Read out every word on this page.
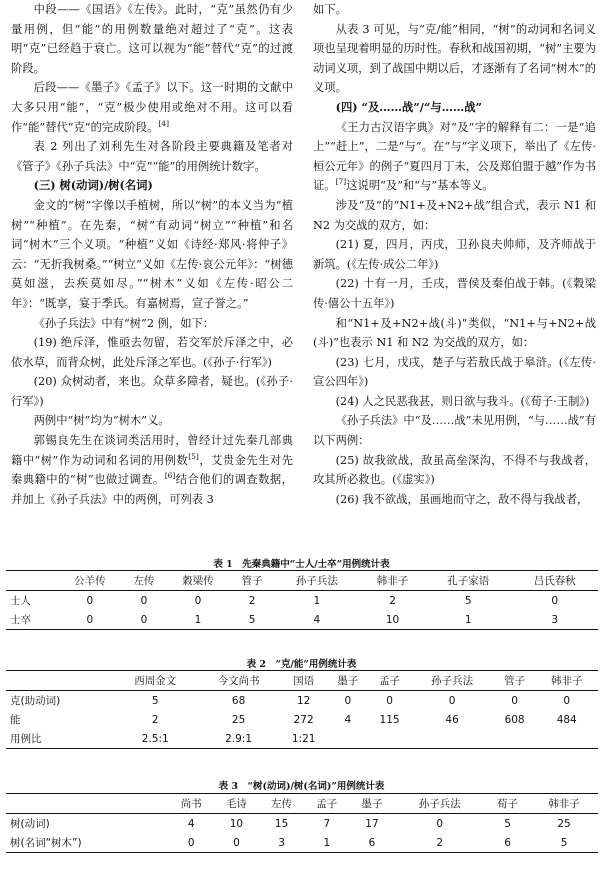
中段——《国语》《左传》。此时，“克”虽然仍有少量用例，但“能”的用例数量绝对超过了“克”。这表明“克”已经趋于衰亡。这可以视为“能”替代“克”的过渡阶段。

后段——《墨子》《孟子》以下。这一时期的文献中大多只用“能”，“克”极少使用或绝对不用。这可以看作“能”替代“克”的完成阶段。[4]

表 2 列出了刘利先生对各阶段主要典籍及笔者对《管子》《孙子兵法》中“克”“能”的用例统计数字。

(三) 树(动词)/树(名词)

金文的“树”字像以手植树，所以“树”的本义当为“植树”“种植”。在先秦，“树”有动词“树立”“种植”和名词“树木”三个义项。“种植”义如《诗经·郑风·将仲子》云：“无折我树桑。”“树立”义如《左传·哀公元年》：“树德莫如滋，去疾莫如尽。”“树木”义如《左传·昭公二年》：“既享，宴于季氏。有嘉树焉，宣子誉之。”

《孙子兵法》中有“树”2 例，如下：

(19) 绝斥泽，惟亟去勿留，若交军於斥泽之中，必依水草，而背众树，此处斥泽之军也。(《孙子·行军》)

(20) 众树动者，来也。众草多障者，疑也。(《孙子·行军》)

两例中“树”均为“树木”义。

郭锡良先生在谈词类活用时，曾经计过先秦几部典籍中“树”作为动词和名词的用例数[5]，艾贵金先生对先秦典籍中的“树”也做过调查。[6]结合他们的调查数据，并加上《孙子兵法》中的两例，可列表 3

如下。

从表 3 可见，与“克/能”相同，“树”的动词和名词义项也呈现着明显的历时性。春秋和战国初期，“树”主要为动词义项，到了战国中期以后，才逐渐有了名词“树木”的义项。

(四) “及……战”/“与……战”

《王力古汉语字典》对“及”字的解释有二：一是“追上”“赶上”，二是“与”。在“与”字义项下，举出了《左传·桓公元年》的例子“夏四月丁未，公及郑伯盟于越”作为书证。[7]这说明“及”和“与”基本等义。

涉及“及”的“N1+及+N2+战”组合式，表示 N1 和 N2 为交战的双方，如：

(21) 夏，四月，丙戌，卫孙良夫帅师，及齐师战于新筑。(《左传·成公二年》)

(22) 十有一月，壬戌，晋侯及秦伯战于韩。(《穀梁传·僖公十五年》)

和“N1+及+N2+战(斗)”类似，“N1+与+N2+战(斗)”也表示 N1 和 N2 为交战的双方，如：

(23) 七月，戊戌，楚子与若敖氏战于皋浒。(《左传·宣公四年》)

(24) 人之民恶我甚，则日欲与我斗。(《荀子·王制》)

《孙子兵法》中“及……战”未见用例，“与……战”有以下两例：

(25) 故我欲战，敌虽高垒深沟，不得不与我战者，攻其所必救也。(《虚实》)

(26) 我不欲战，虽画地而守之，敌不得与我战者，

表 1　先秦典籍中“士人/士卒”用例统计表
	公羊传	左传	穀梁传	管子	孙子兵法	韩非子	孔子家语	吕氏春秋
士人	0	0	0	2	1	2	5	0
士卒	0	0	1	5	4	10	1	3
表 2　“克/能”用例统计表
	西周金文	今文尚书	国语	墨子	孟子	孙子兵法	管子	韩非子
克(助动词)	5	68	12	0	0	0	0	0
能	2	25	272	4	115	46	608	484
用例比	2.5:1	2.9:1	1:21					
表 3　“树(动词)/树(名词)”用例统计表
	尚书	毛诗	左传	孟子	墨子	孙子兵法	荀子	韩非子
树(动词)	4	10	15	7	17	0	5	25
树(名词“树木”)	0	0	3	1	6	2	6	5
